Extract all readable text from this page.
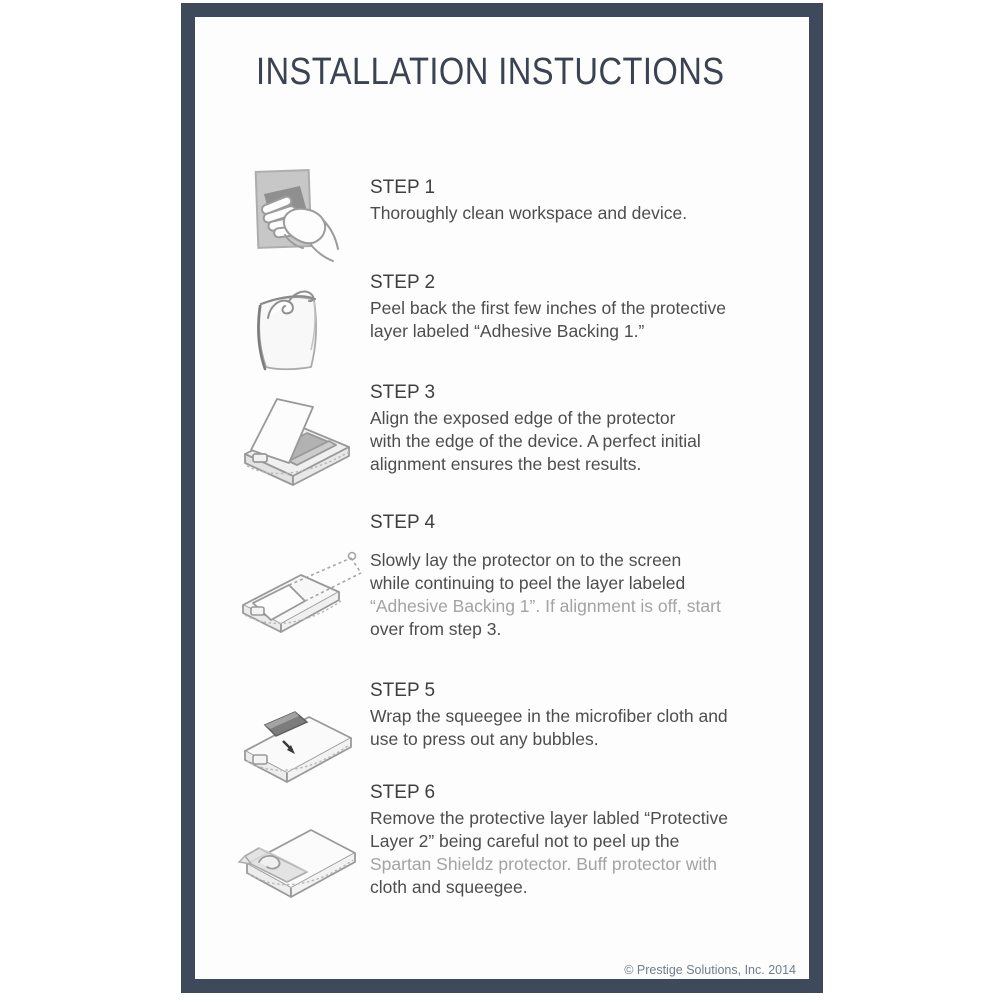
INSTALLATION INSTUCTIONS
STEP 1
Thoroughly clean workspace and device.
STEP 2
Peel back the first few inches of the protective
layer labeled “Adhesive Backing 1.”
STEP 3
Align the exposed edge of the protector
with the edge of the device. A perfect initial
alignment ensures the best results.
STEP 4
Slowly lay the protector on to the screen
while continuing to peel the layer labeled
“Adhesive Backing 1”. If alignment is off, start
over from step 3.
STEP 5
Wrap the squeegee in the microfiber cloth and
use to press out any bubbles.
STEP 6
Remove the protective layer labled “Protective
Layer 2” being careful not to peel up the
Spartan Shieldz protector. Buff protector with
cloth and squeegee.
© Prestige Solutions, Inc. 2014
